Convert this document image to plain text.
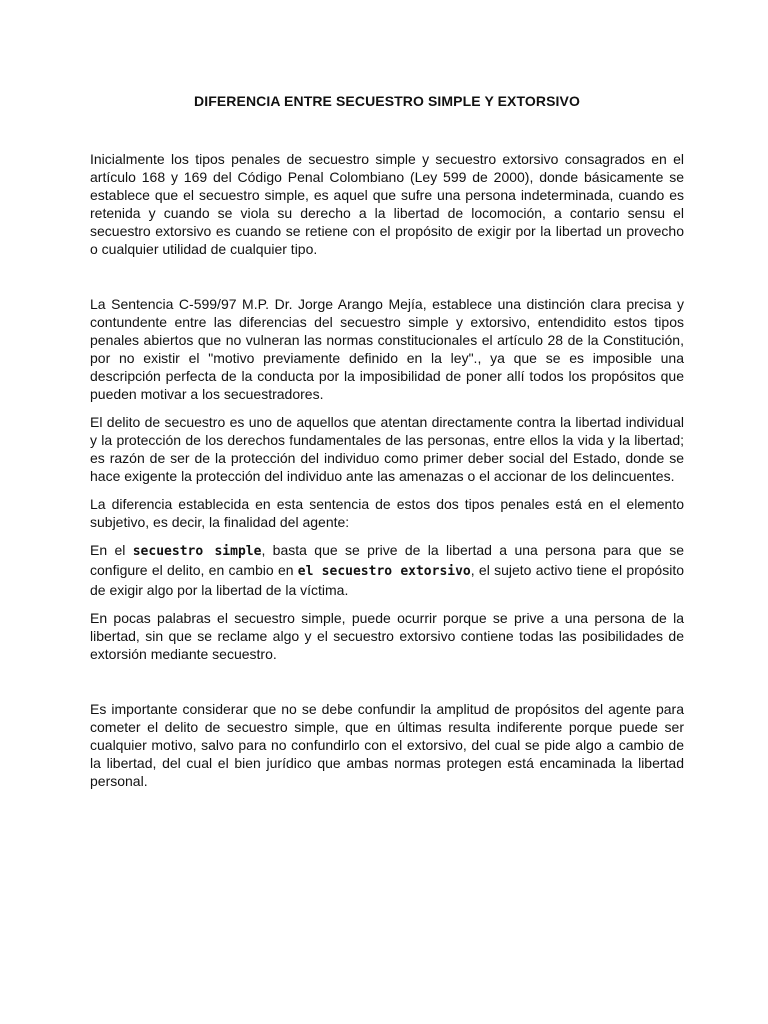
DIFERENCIA ENTRE SECUESTRO SIMPLE Y EXTORSIVO

Inicialmente los tipos penales de secuestro simple y secuestro extorsivo consagrados en el artículo 168 y 169 del Código Penal Colombiano (Ley 599 de 2000), donde básicamente se establece que el secuestro simple, es aquel que sufre una persona indeterminada, cuando es retenida y cuando se viola su derecho a la libertad de locomoción, a contario sensu el secuestro extorsivo es cuando se retiene con el propósito de exigir por la libertad un provecho o cualquier utilidad de cualquier tipo.

La Sentencia C-599/97 M.P. Dr. Jorge Arango Mejía, establece una distinción clara precisa y contundente entre las diferencias del secuestro simple y extorsivo, entendidito estos tipos penales abiertos que no vulneran las normas constitucionales el artículo 28 de la Constitución, por no existir el "motivo previamente definido en la ley"., ya que se es imposible una descripción perfecta de la conducta por la imposibilidad de poner allí todos los propósitos que pueden motivar a los secuestradores.

El delito de secuestro es uno de aquellos que atentan directamente contra la libertad individual y la protección de los derechos fundamentales de las personas, entre ellos la vida y la libertad; es razón de ser de la protección del individuo como primer deber social del Estado, donde se hace exigente la protección del individuo ante las amenazas o el accionar de los delincuentes.

La diferencia establecida en esta sentencia de estos dos tipos penales está en el elemento subjetivo, es decir, la finalidad del agente:

En el secuestro simple, basta que se prive de la libertad a una persona para que se configure el delito, en cambio en el secuestro extorsivo, el sujeto activo tiene el propósito de exigir algo por la libertad de la víctima.

En pocas palabras el secuestro simple, puede ocurrir porque se prive a una persona de la libertad, sin que se reclame algo y el secuestro extorsivo contiene todas las posibilidades de extorsión mediante secuestro.

Es importante considerar que no se debe confundir la amplitud de propósitos del agente para cometer el delito de secuestro simple, que en últimas resulta indiferente porque puede ser cualquier motivo, salvo para no confundirlo con el extorsivo, del cual se pide algo a cambio de la libertad, del cual el bien jurídico que ambas normas protegen está encaminada la libertad personal.
